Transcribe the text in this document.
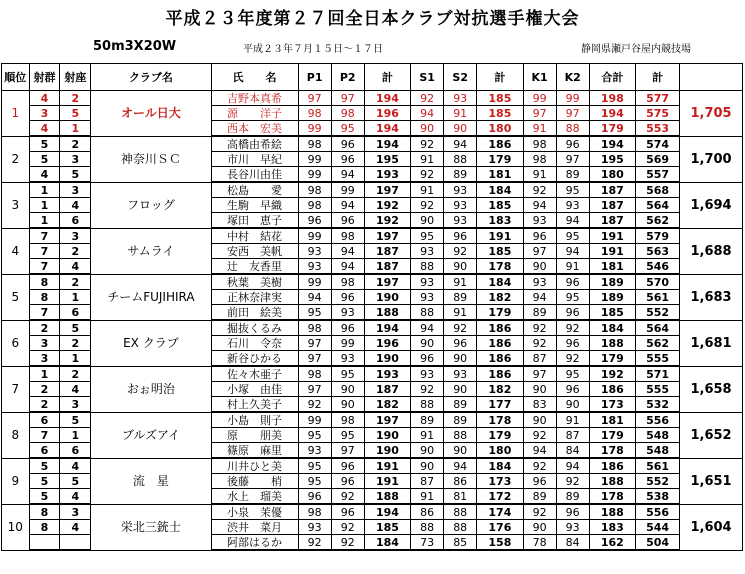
平成２３年度第２７回全日本クラブ対抗選手権大会
50m3X20W	平成２３年７月１５日～１７日	静岡県瀬戸谷屋内競技場
順位	射群	射座	クラブ名	氏　　名	P1	P2	計	S1	S2	計	K1	K2	合計	計	
1	4	2	オール日大	吉野本真希	97	97	194	92	93	185	99	99	198	577	1,705
	3	5		源　　洋子	98	98	196	94	91	185	97	97	194	575	
	4	1		西本　宏美	99	95	194	90	90	180	91	88	179	553	
2	5	2	神奈川ＳＣ	高橋由希絵	98	96	194	92	94	186	98	96	194	574	1,700
	5	3		市川　早紀	99	96	195	91	88	179	98	97	195	569	
	4	5		長谷川由佳	99	94	193	92	89	181	91	89	180	557	
3	1	3	フロッグ	松島　　愛	98	99	197	91	93	184	92	95	187	568	1,694
	1	4		生駒　早織	98	94	192	92	93	185	94	93	187	564	
	1	6		塚田　恵子	96	96	192	90	93	183	93	94	187	562	
4	7	3	サムライ	中村　結花	99	98	197	95	96	191	96	95	191	579	1,688
	7	2		安西　美帆	93	94	187	93	92	185	97	94	191	563	
	7	4		辻　友香里	93	94	187	88	90	178	90	91	181	546	
5	8	2	チームFUJIHIRA	秋葉　美樹	99	98	197	93	91	184	93	96	189	570	1,683
	8	1		正林奈津実	94	96	190	93	89	182	94	95	189	561	
	7	6		前田　絵美	95	93	188	88	91	179	89	96	185	552	
6	2	5	EX クラブ	掘抜くるみ	98	96	194	94	92	186	92	92	184	564	1,681
	3	2		石川　令奈	97	99	196	90	96	186	92	96	188	562	
	3	1		新谷ひかる	97	93	190	96	90	186	87	92	179	555	
7	1	2	おぉ明治	佐々木亜子	98	95	193	93	93	186	97	95	192	571	1,658
	2	4		小塚　由佳	97	90	187	92	90	182	90	96	186	555	
	2	3		村上久美子	92	90	182	88	89	177	83	90	173	532	
8	6	5	ブルズアイ	小島　則子	99	98	197	89	89	178	90	91	181	556	1,652
	7	1		原　　朋美	95	95	190	91	88	179	92	87	179	548	
	6	6		篠原　麻里	93	97	190	90	90	180	94	84	178	548	
9	5	4	流　星	川井ひと美	95	96	191	90	94	184	92	94	186	561	1,651
	5	5		後藤　　梢	95	96	191	87	86	173	96	92	188	552	
	5	4		水上　瑠美	96	92	188	91	81	172	89	89	178	538	
10	8	3	栄北三銃士	小泉　茉優	98	96	194	86	88	174	92	96	188	556	1,604
	8	4		渋井　菜月	93	92	185	88	88	176	90	93	183	544	
				阿部はるか	92	92	184	73	85	158	78	84	162	504	
